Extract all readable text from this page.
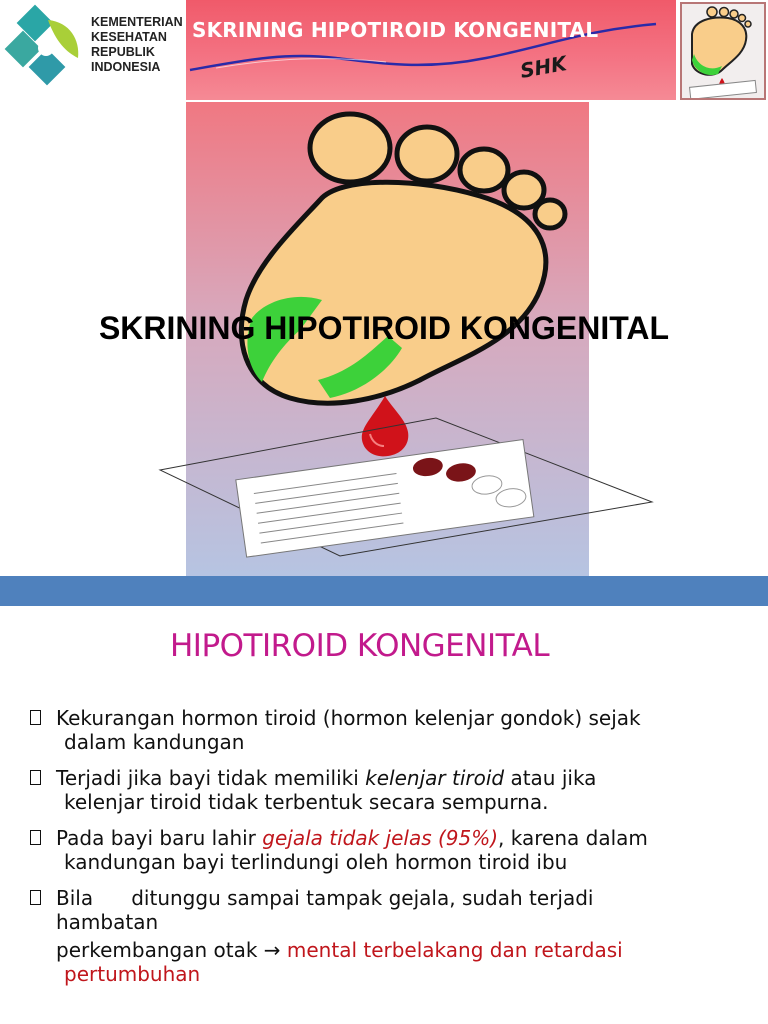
KEMENTERIAN
KESEHATAN
REPUBLIK
INDONESIA
SKRINING HIPOTIROID KONGENITAL
SHK
SKRINING HIPOTIROID KONGENITAL
HIPOTIROID KONGENITAL
Kekurangan hormon tiroid (hormon kelenjar gondok) sejak
dalam kandungan
Terjadi jika bayi tidak memiliki kelenjar tiroid atau jika
kelenjar tiroid tidak terbentuk secara sempurna.
Pada bayi baru lahir gejala tidak jelas (95%), karena dalam
kandungan bayi terlindungi oleh hormon tiroid ibu
Bila      ditunggu sampai tampak gejala, sudah terjadi
hambatan
perkembangan otak → mental terbelakang dan retardasi
pertumbuhan
